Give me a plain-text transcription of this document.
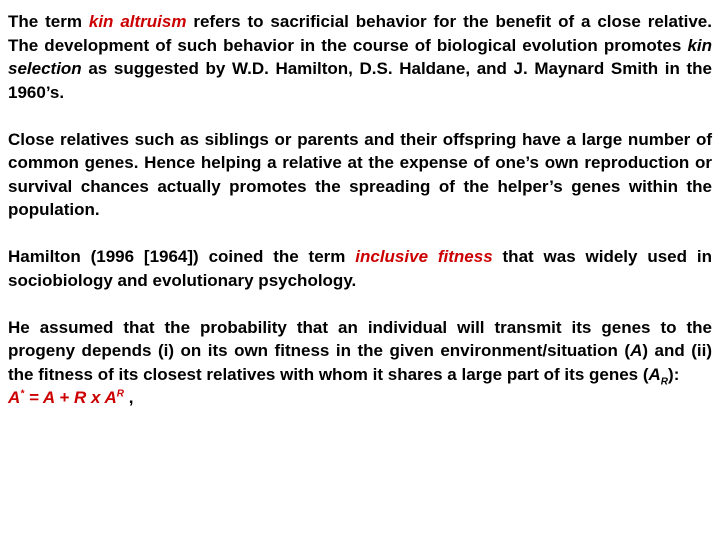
The term kin altruism refers to sacrificial behavior for the benefit of a close relative. The development of such behavior in the course of biological evolution promotes kin selection as suggested by W.D. Hamilton, D.S. Haldane, and J. Maynard Smith in the 1960’s.

Close relatives such as siblings or parents and their offspring have a large number of common genes. Hence helping a relative at the expense of one’s own reproduction or survival chances actually promotes the spreading of the helper’s genes within the population.

Hamilton (1996 [1964]) coined the term inclusive fitness that was widely used in sociobiology and evolutionary psychology.

He assumed that the probability that an individual will transmit its genes to the progeny depends (i) on its own fitness in the given environment/situation (A) and (ii) the fitness of its closest relatives with whom it shares a large part of its genes $(A_R)$:

A* = A + R x $A^R$ ,
